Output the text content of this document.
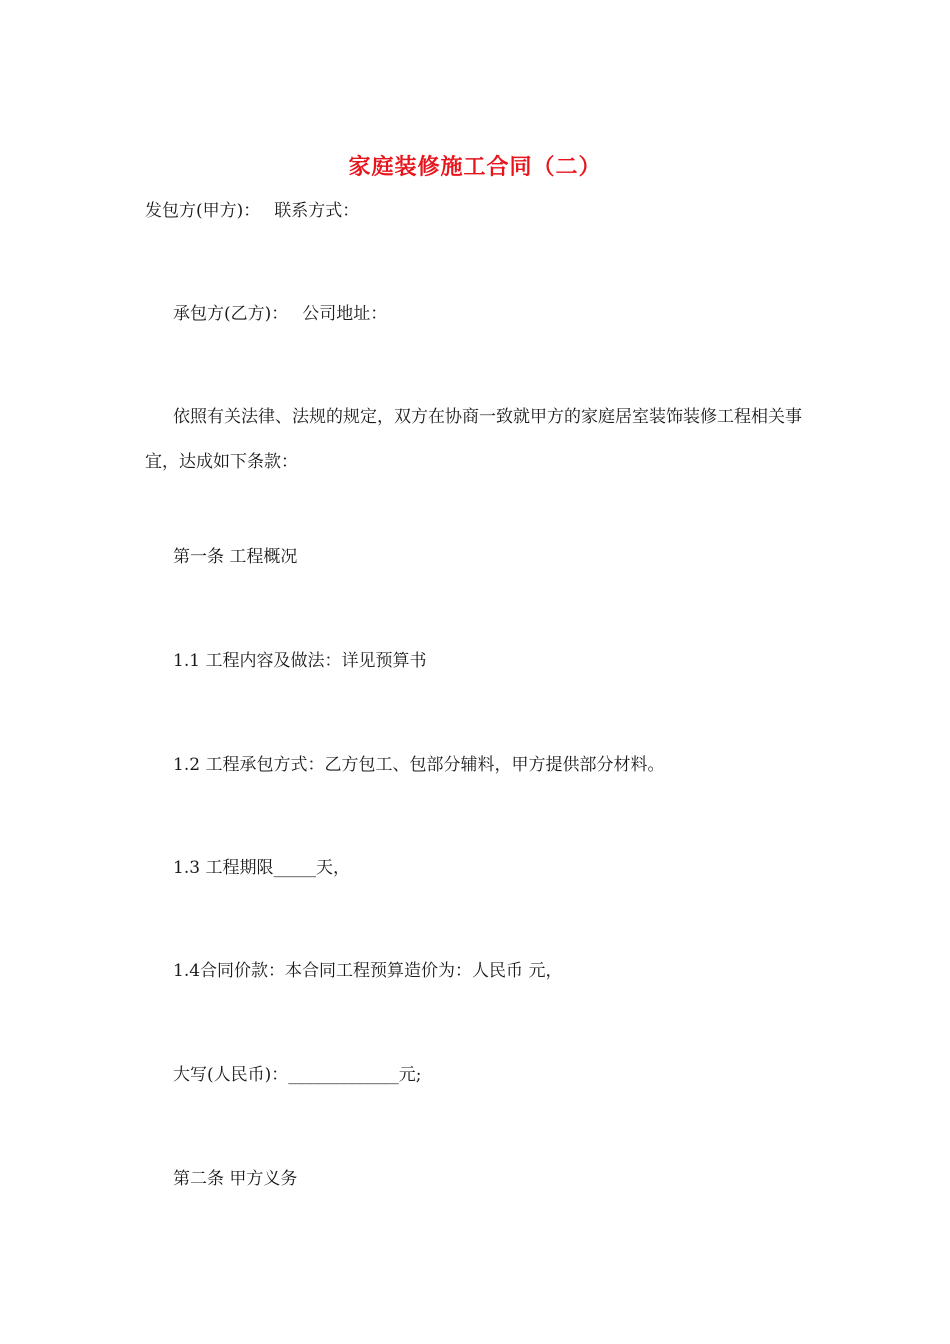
家庭装修施工合同（二）
发包方(甲方)： 联系方式：
承包方(乙方)： 公司地址：
依照有关法律、法规的规定，双方在协商一致就甲方的家庭居室装饰装修工程相关事宜，达成如下条款：
第一条 工程概况
1.1 工程内容及做法：详见预算书
1.2 工程承包方式：乙方包工、包部分辅料，甲方提供部分材料。
1.3 工程期限_____天，
1.4合同价款：本合同工程预算造价为：人民币 元，
大写(人民币)：_____________元;
第二条 甲方义务
